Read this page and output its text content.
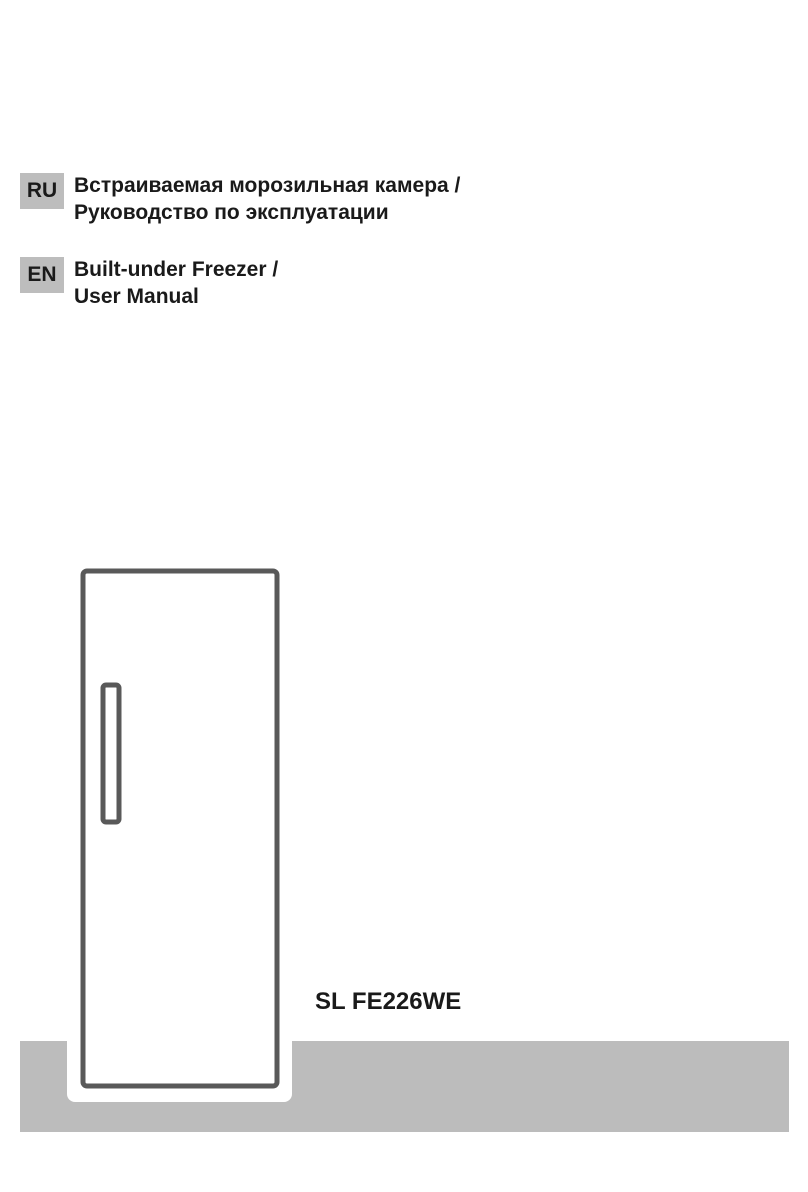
RU Встраиваемая морозильная камера /
Руководство по эксплуатации
EN Built-under Freezer /
User Manual
SL FE226WE
